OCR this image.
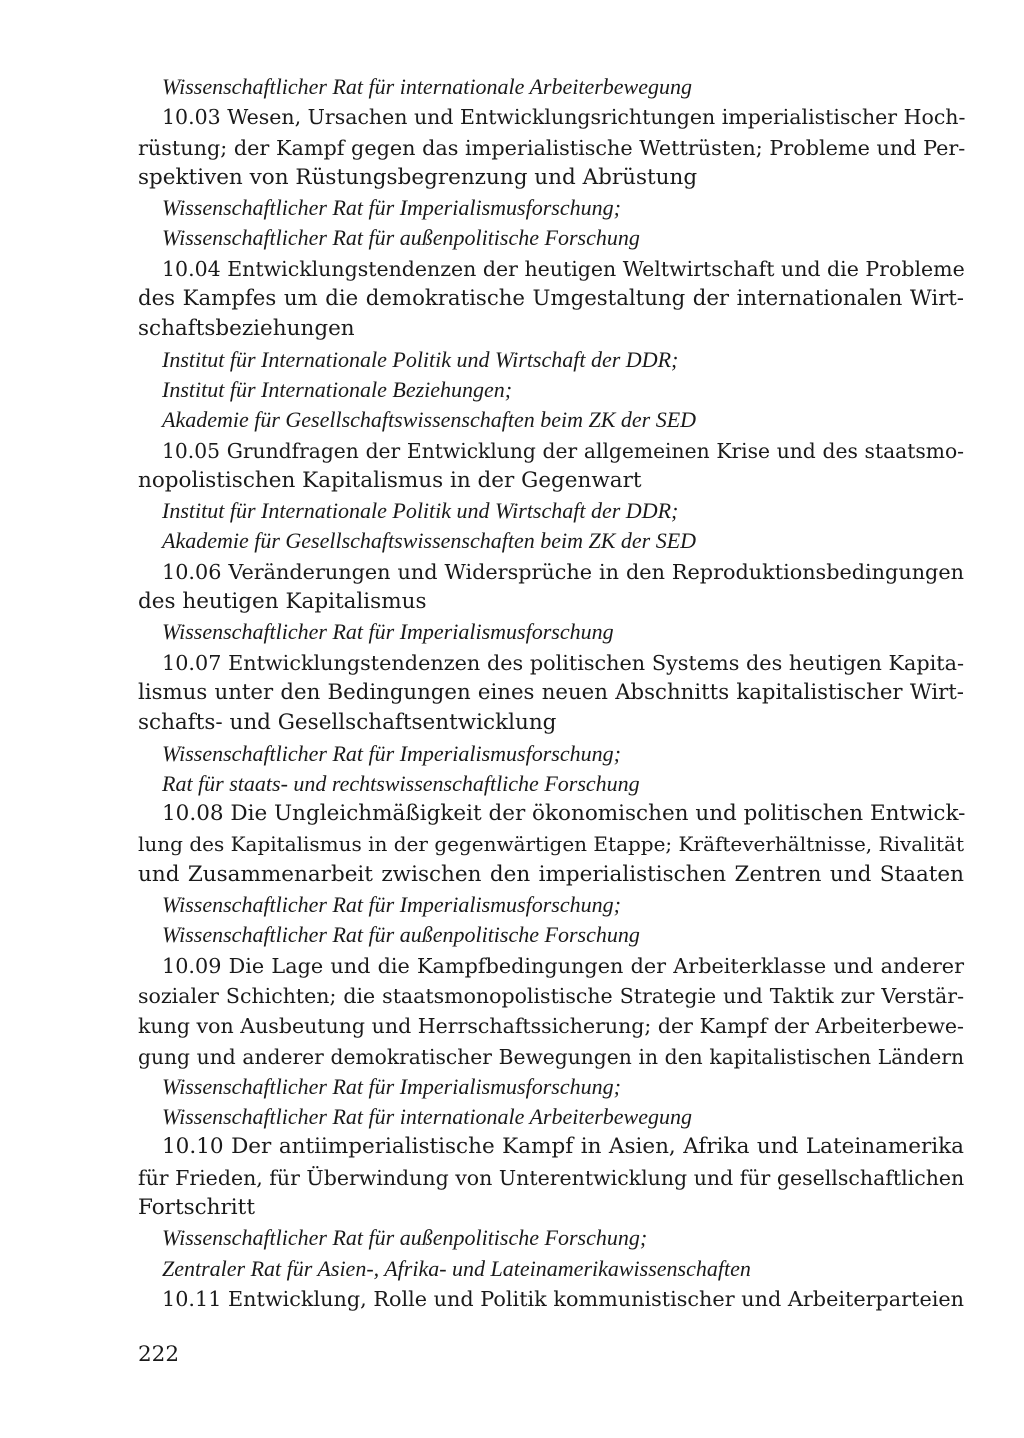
Wissenschaftlicher Rat für internationale Arbeiterbewegung
10.03 Wesen, Ursachen und Entwicklungsrichtungen imperialistischer Hoch-
rüstung; der Kampf gegen das imperialistische Wettrüsten; Probleme und Per-
spektiven von Rüstungsbegrenzung und Abrüstung
Wissenschaftlicher Rat für Imperialismusforschung;
Wissenschaftlicher Rat für außenpolitische Forschung
10.04 Entwicklungstendenzen der heutigen Weltwirtschaft und die Probleme
des Kampfes um die demokratische Umgestaltung der internationalen Wirt-
schaftsbeziehungen
Institut für Internationale Politik und Wirtschaft der DDR;
Institut für Internationale Beziehungen;
Akademie für Gesellschaftswissenschaften beim ZK der SED
10.05 Grundfragen der Entwicklung der allgemeinen Krise und des staatsmo-
nopolistischen Kapitalismus in der Gegenwart
Institut für Internationale Politik und Wirtschaft der DDR;
Akademie für Gesellschaftswissenschaften beim ZK der SED
10.06 Veränderungen und Widersprüche in den Reproduktionsbedingungen
des heutigen Kapitalismus
Wissenschaftlicher Rat für Imperialismusforschung
10.07 Entwicklungstendenzen des politischen Systems des heutigen Kapita-
lismus unter den Bedingungen eines neuen Abschnitts kapitalistischer Wirt-
schafts- und Gesellschaftsentwicklung
Wissenschaftlicher Rat für Imperialismusforschung;
Rat für staats- und rechtswissenschaftliche Forschung
10.08 Die Ungleichmäßigkeit der ökonomischen und politischen Entwick-
lung des Kapitalismus in der gegenwärtigen Etappe; Kräfteverhältnisse, Rivalität
und Zusammenarbeit zwischen den imperialistischen Zentren und Staaten
Wissenschaftlicher Rat für Imperialismusforschung;
Wissenschaftlicher Rat für außenpolitische Forschung
10.09 Die Lage und die Kampfbedingungen der Arbeiterklasse und anderer
sozialer Schichten; die staatsmonopolistische Strategie und Taktik zur Verstär-
kung von Ausbeutung und Herrschaftssicherung; der Kampf der Arbeiterbewe-
gung und anderer demokratischer Bewegungen in den kapitalistischen Ländern
Wissenschaftlicher Rat für Imperialismusforschung;
Wissenschaftlicher Rat für internationale Arbeiterbewegung
10.10 Der antiimperialistische Kampf in Asien, Afrika und Lateinamerika
für Frieden, für Überwindung von Unterentwicklung und für gesellschaftlichen
Fortschritt
Wissenschaftlicher Rat für außenpolitische Forschung;
Zentraler Rat für Asien-, Afrika- und Lateinamerikawissenschaften
10.11 Entwicklung, Rolle und Politik kommunistischer und Arbeiterparteien
222
